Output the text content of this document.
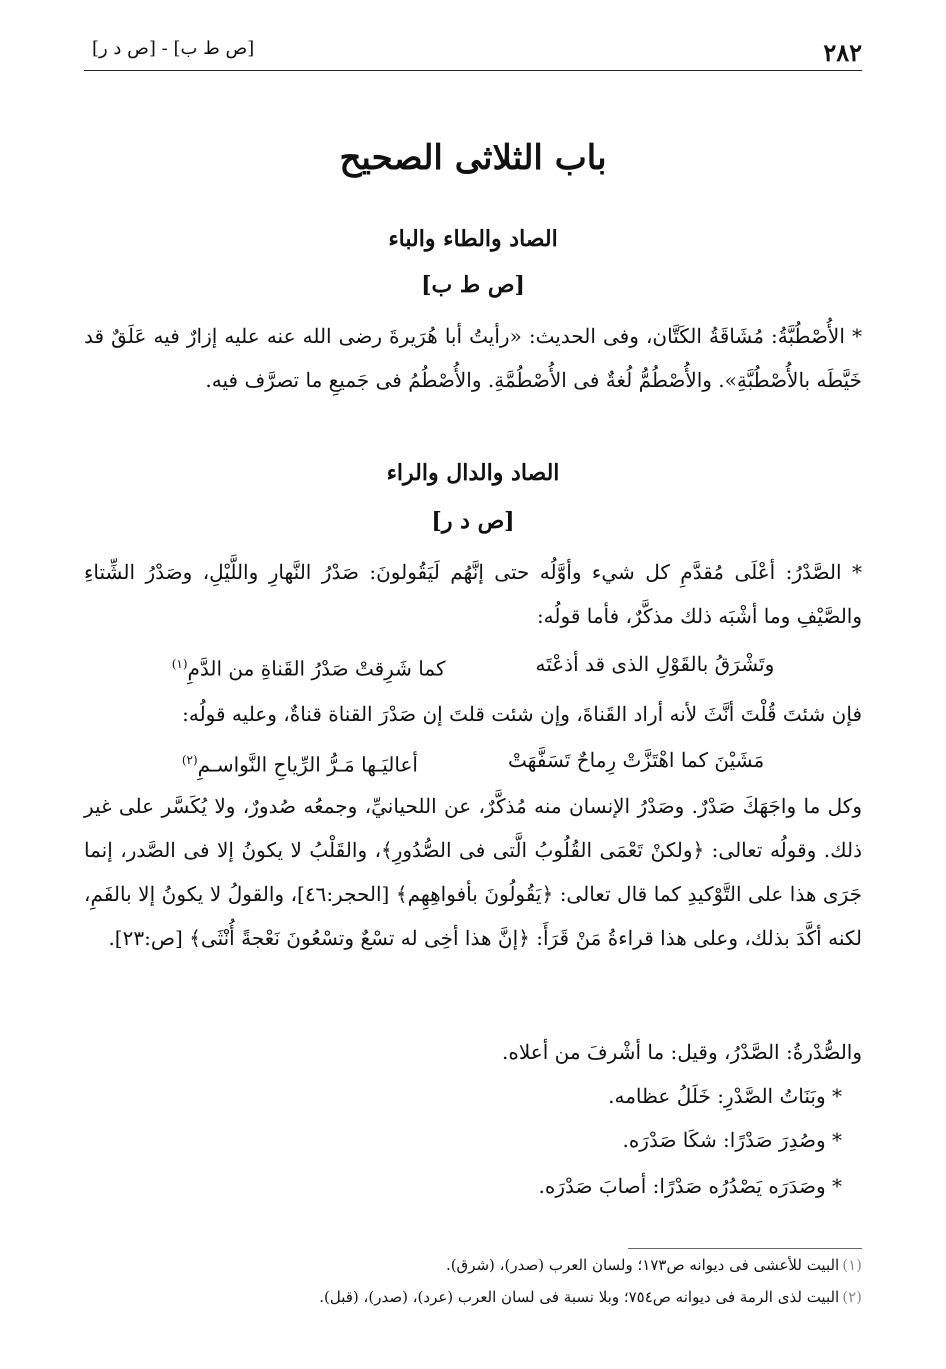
٢٨٢
[ص ط ب] - [ص د ر]
باب الثلاثى الصحيح
الصاد والطاء والباء
[ص ط ب]

* الأُصْطُبَّةُ: مُشَاقَةُ الكَتَّان، وفى الحديث: «رأيتُ أبا هُرَيرةَ رضى الله عنه عليه إزارٌ فيه عَلَقٌ قد خَيَّطَه بالأُصْطُبَّةِ». والأُصْطُمُّ لُغةٌ فى الأُصْطُمَّةِ. والأُصْطُمُ فى جَميعِ ما تصرَّف فيه.

الصاد والدال والراء
[ص د ر]

* الصَّدْرُ: أعْلَى مُقدَّمِ كل شيء وأوَّلُه حتى إنَّهُم لَيَقُولونَ: صَدْرُ النَّهارِ واللَّيْلِ، وصَدْرُ الشِّتاءِ والصَّيْفِ وما أشْبَه ذلك مذكَّرٌ، فأما قولُه:

وتَشْرَقُ بالقَوْلِ الذى قد أذعْتَه
كما شَرِقتْ صَدْرُ القَناةِ من الدَّمِ$^{(١)}$

فإن شئتَ قُلْتَ أنَّثَ لأنه أراد القَناةَ، وإن شئت قلتَ إن صَدْرَ القناة قناةٌ، وعليه قولُه:

مَشَيْنَ كما اهْتَزَّتْ رِماحٌ تَسَفَّهَتْ
أعاليَـها مَـرُّ الرِّياحِ النَّواسـمِ$^{(٢)}$

وكل ما واجَهَكَ صَدْرٌ. وصَدْرُ الإنسان منه مُذكَّرٌ، عن اللحيانيِّ، وجمعُه صُدورٌ، ولا يُكَسَّر على غير ذلك. وقولُه تعالى: ﴿ولكنْ تَعْمَى القُلُوبُ الَّتى فى الصُّدُورِ﴾، والقَلْبُ لا يكونُ إلا فى الصَّدر، إنما جَرَى هذا على التَّوْكيدِ كما قال تعالى: ﴿يَقُولُونَ بأفواهِهِم﴾ [الحجر:٤٦]، والقولُ لا يكونُ إلا بالفَمِ، لكنه أكَّدَ بذلك، وعلى هذا قراءةُ مَنْ قَرَأَ: ﴿إنَّ هذا أخِى له تسْعٌ وتسْعُونَ نَعْجةً أُنْثَى﴾ [ص:٢٣].

والصُّدْرةُ: الصَّدْرُ، وقيل: ما أشْرفَ من أعلاه.
* وبَنَاتُ الصَّدْرِ: خَلَلُ عظامه.
* وصُدِرَ صَدْرًا: شكَا صَدْرَه.
* وصَدَرَه يَصْدُرُه صَدْرًا: أصابَ صَدْرَه.
(١) البيت للأعشى فى ديوانه ص١٧٣؛ ولسان العرب (صدر)، (شرق).
(٢) البيت لذى الرمة فى ديوانه ص٧٥٤؛ وبلا نسبة فى لسان العرب (عرد)، (صدر)، (قبل).
